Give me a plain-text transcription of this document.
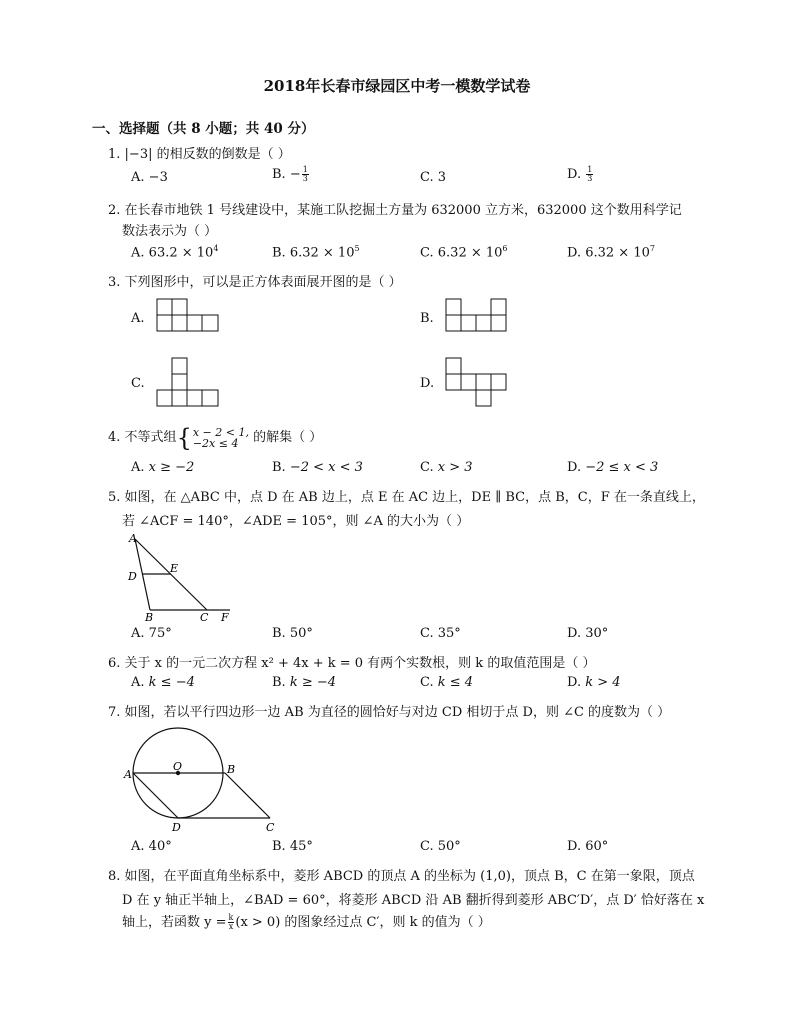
2018年长春市绿园区中考一模数学试卷
一、选择题（共 8 小题；共 40 分）
1. |−3| 的相反数的倒数是（ ）
A. −3	B. − $\frac{1}{3}$	C. 3	D. $\frac{1}{3}$
2. 在长春市地铁 1 号线建设中，某施工队挖掘土方量为 632000 立方米，632000 这个数用科学记
数法表示为（ ）
A. $63.2 \times 10^4$	B. $6.32 \times 10^5$	C. $6.32 \times 10^6$	D. $6.32 \times 10^7$
3. 下列图形中，可以是正方体表面展开图的是（ ）
A.	B.
C.	D.
4. 不等式组{ x − 2 < 1,
−2x ≤ 4	的解集（ ）
A. x ≥ −2	B. −2 < x < 3	C. x > 3	D. −2 ≤ x < 3
5. 如图，在 △ABC 中，点 D 在 AB 边上，点 E 在 AC 边上，DE ∥ BC，点 B，C，F 在一条直线上，
若 ∠ACF = 140°，∠ADE = 105°，则 ∠A 的大小为（ ）
A
D
E
B	C F
A. 75°	B. 50°	C. 35°	D. 30°
6. 关于 x 的一元二次方程 x² + 4x + k = 0 有两个实数根，则 k 的取值范围是（ ）
A. k ≤ −4	B. k ≥ −4	C. k ≤ 4	D. k > 4
7. 如图，若以平行四边形一边 AB 为直径的圆恰好与对边 CD 相切于点 D，则 ∠C 的度数为（ ）
O
A	B
D	C
A. 40°	B. 45°	C. 50°	D. 60°
8. 如图，在平面直角坐标系中，菱形 ABCD 的顶点 A 的坐标为 (1,0)，顶点 B，C 在第一象限，顶点
D 在 y 轴正半轴上，∠BAD = 60°，将菱形 ABCD 沿 AB 翻折得到菱形 ABC′D′，点 D′ 恰好落在 x
轴上，若函数 $y = \frac{k}{x} (x > 0)$ 的图象经过点 C′，则 k 的值为（ ）
